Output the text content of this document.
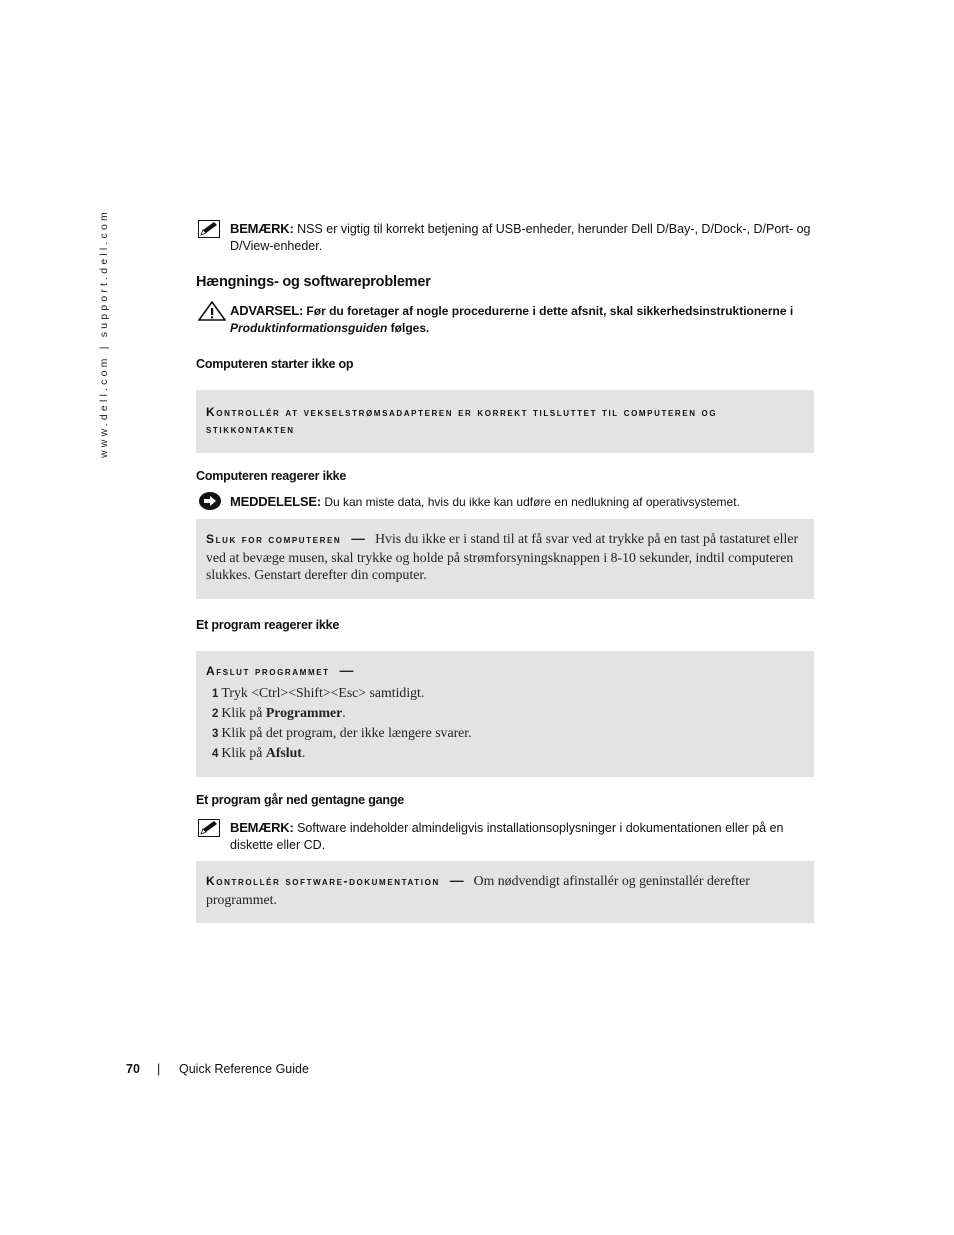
www.dell.com | support.dell.com	BEMÆRK: NSS er vigtig til korrekt betjening af USB-enheder, herunder Dell D/Bay-, D/Dock-, D/Port- og
D/View-enheder.
Hængnings- og softwareproblemer
ADVARSEL: Før du foretager af nogle procedurerne i dette afsnit, skal sikkerhedsinstruktionerne i
Produktinformationsguiden følges.
Computeren starter ikke op
Kontrollér at vekselstrømsadapteren er korrekt tilsluttet til computeren og
stikkontakten
Computeren reagerer ikke
MEDDELELSE: Du kan miste data, hvis du ikke kan udføre en nedlukning af operativsystemet.
Sluk for computeren — Hvis du ikke er i stand til at få svar ved at trykke på en tast på tastaturet eller ved at bevæge musen, skal trykke og holde på strømforsyningsknappen i 8-10 sekunder, indtil computeren slukkes. Genstart derefter din computer.
Et program reagerer ikke
Afslut programmet —
1 Tryk <Ctrl><Shift><Esc> samtidigt.
2 Klik på Programmer.
3 Klik på det program, der ikke længere svarer.
4 Klik på Afslut.
Et program går ned gentagne gange
BEMÆRK: Software indeholder almindeligvis installationsoplysninger i dokumentationen eller på en
diskette eller CD.
Kontrollér software-dokumentation — Om nødvendigt afinstallér og geninstallér derefter programmet.
70 | Quick Reference Guide
